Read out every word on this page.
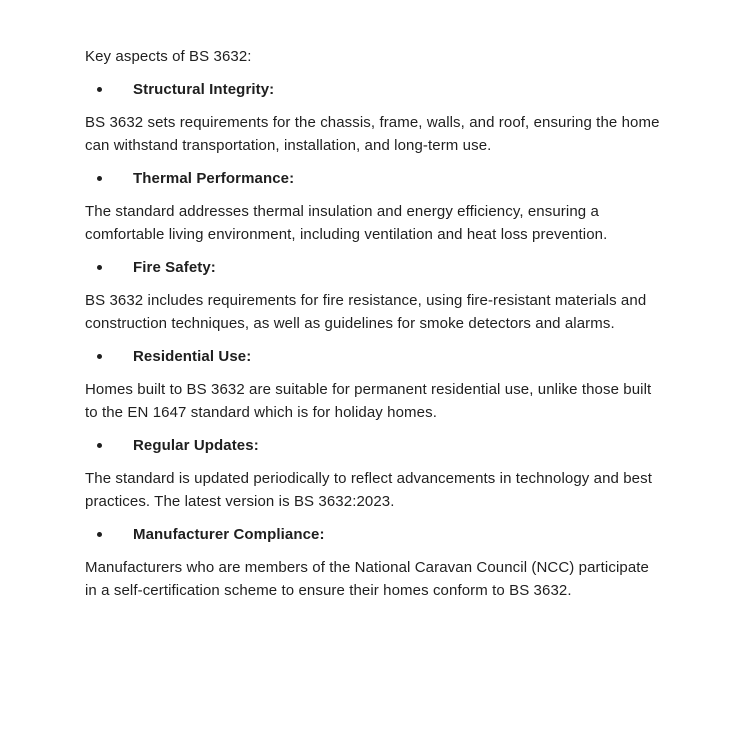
Key aspects of BS 3632:

Structural Integrity:

BS 3632 sets requirements for the chassis, frame, walls, and roof, ensuring the home can withstand transportation, installation, and long-term use.

Thermal Performance:

The standard addresses thermal insulation and energy efficiency, ensuring a comfortable living environment, including ventilation and heat loss prevention.

Fire Safety:

BS 3632 includes requirements for fire resistance, using fire-resistant materials and construction techniques, as well as guidelines for smoke detectors and alarms.

Residential Use:

Homes built to BS 3632 are suitable for permanent residential use, unlike those built to the EN 1647 standard which is for holiday homes.

Regular Updates:

The standard is updated periodically to reflect advancements in technology and best practices. The latest version is BS 3632:2023.

Manufacturer Compliance:

Manufacturers who are members of the National Caravan Council (NCC) participate in a self-certification scheme to ensure their homes conform to BS 3632.
